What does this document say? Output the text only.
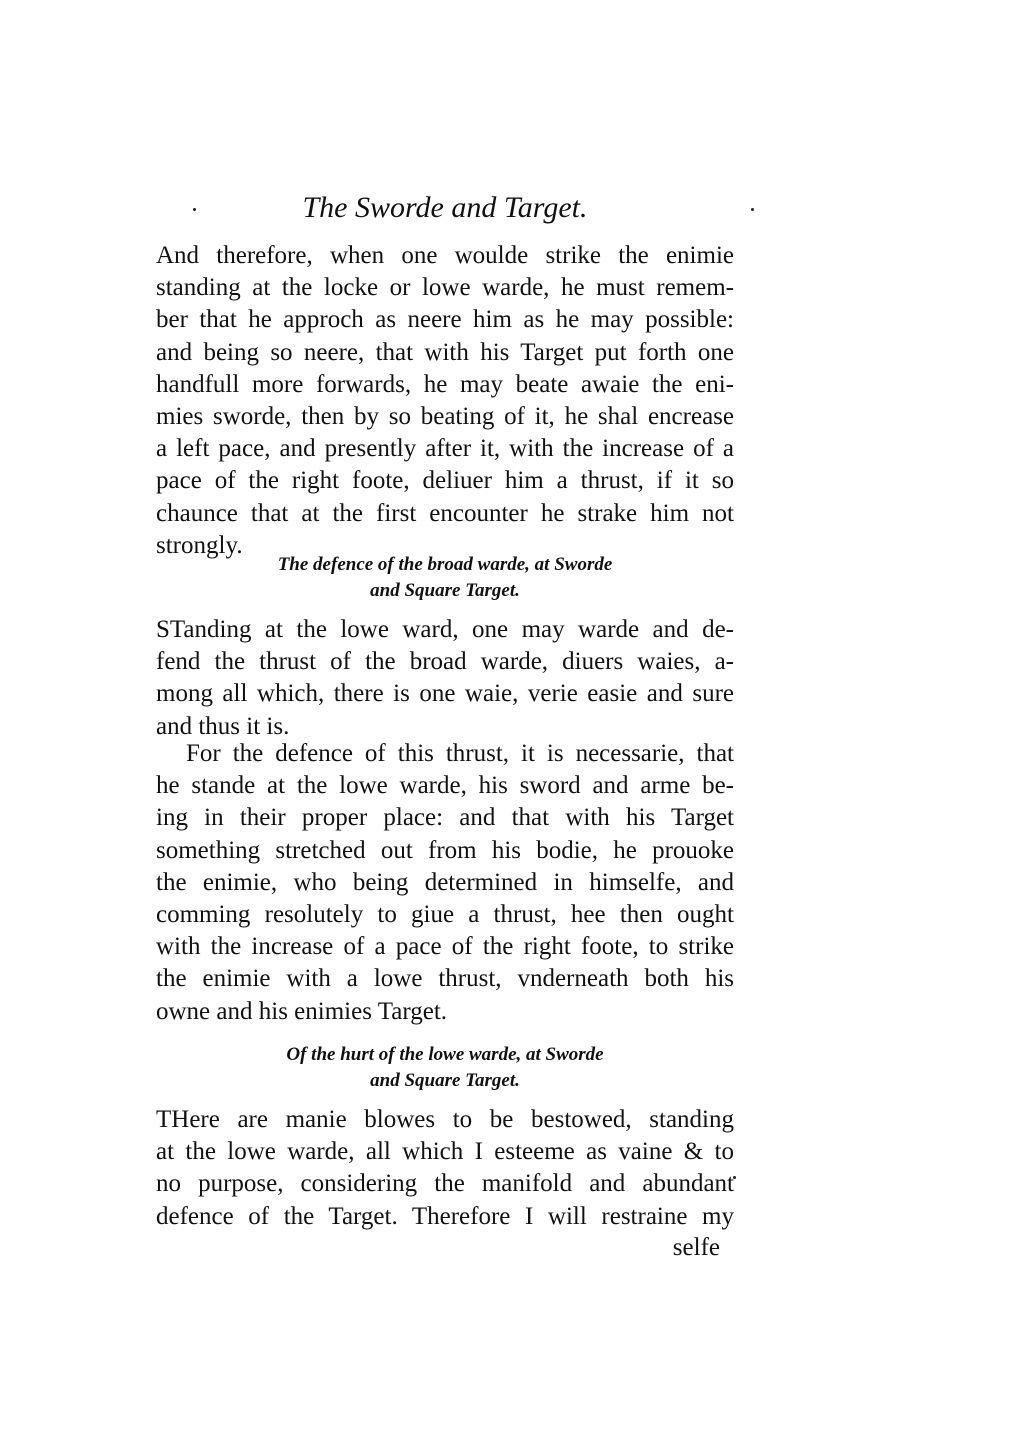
The Sworde and Target.

And therefore, when one woulde strike the enimie
standing at the locke or lowe warde, he must remem-
ber that he approch as neere him as he may possible:
and being so neere, that with his Target put forth one
handfull more forwards, he may beate awaie the eni-
mies sworde, then by so beating of it, he shal encrease
a left pace, and presently after it, with the increase of a
pace of the right foote, deliuer him a thrust, if it so
chaunce that at the first encounter he strake him not
strongly.

The defence of the broad warde, at Sworde
and Square Target.

STanding at the lowe ward, one may warde and de-
fend the thrust of the broad warde, diuers waies, a-
mong all which, there is one waie, verie easie and sure
and thus it is.

For the defence of this thrust, it is necessarie, that
he stande at the lowe warde, his sword and arme be-
ing in their proper place: and that with his Target
something stretched out from his bodie, he prouoke
the enimie, who being determined in himselfe, and
comming resolutely to giue a thrust, hee then ought
with the increase of a pace of the right foote, to strike
the enimie with a lowe thrust, vnderneath both his
owne and his enimies Target.

Of the hurt of the lowe warde, at Sworde
and Square Target.

THere are manie blowes to be bestowed, standing
at the lowe warde, all which I esteeme as vaine & to
no purpose, considering the manifold and abundant
defence of the Target. Therefore I will restraine my

selfe
